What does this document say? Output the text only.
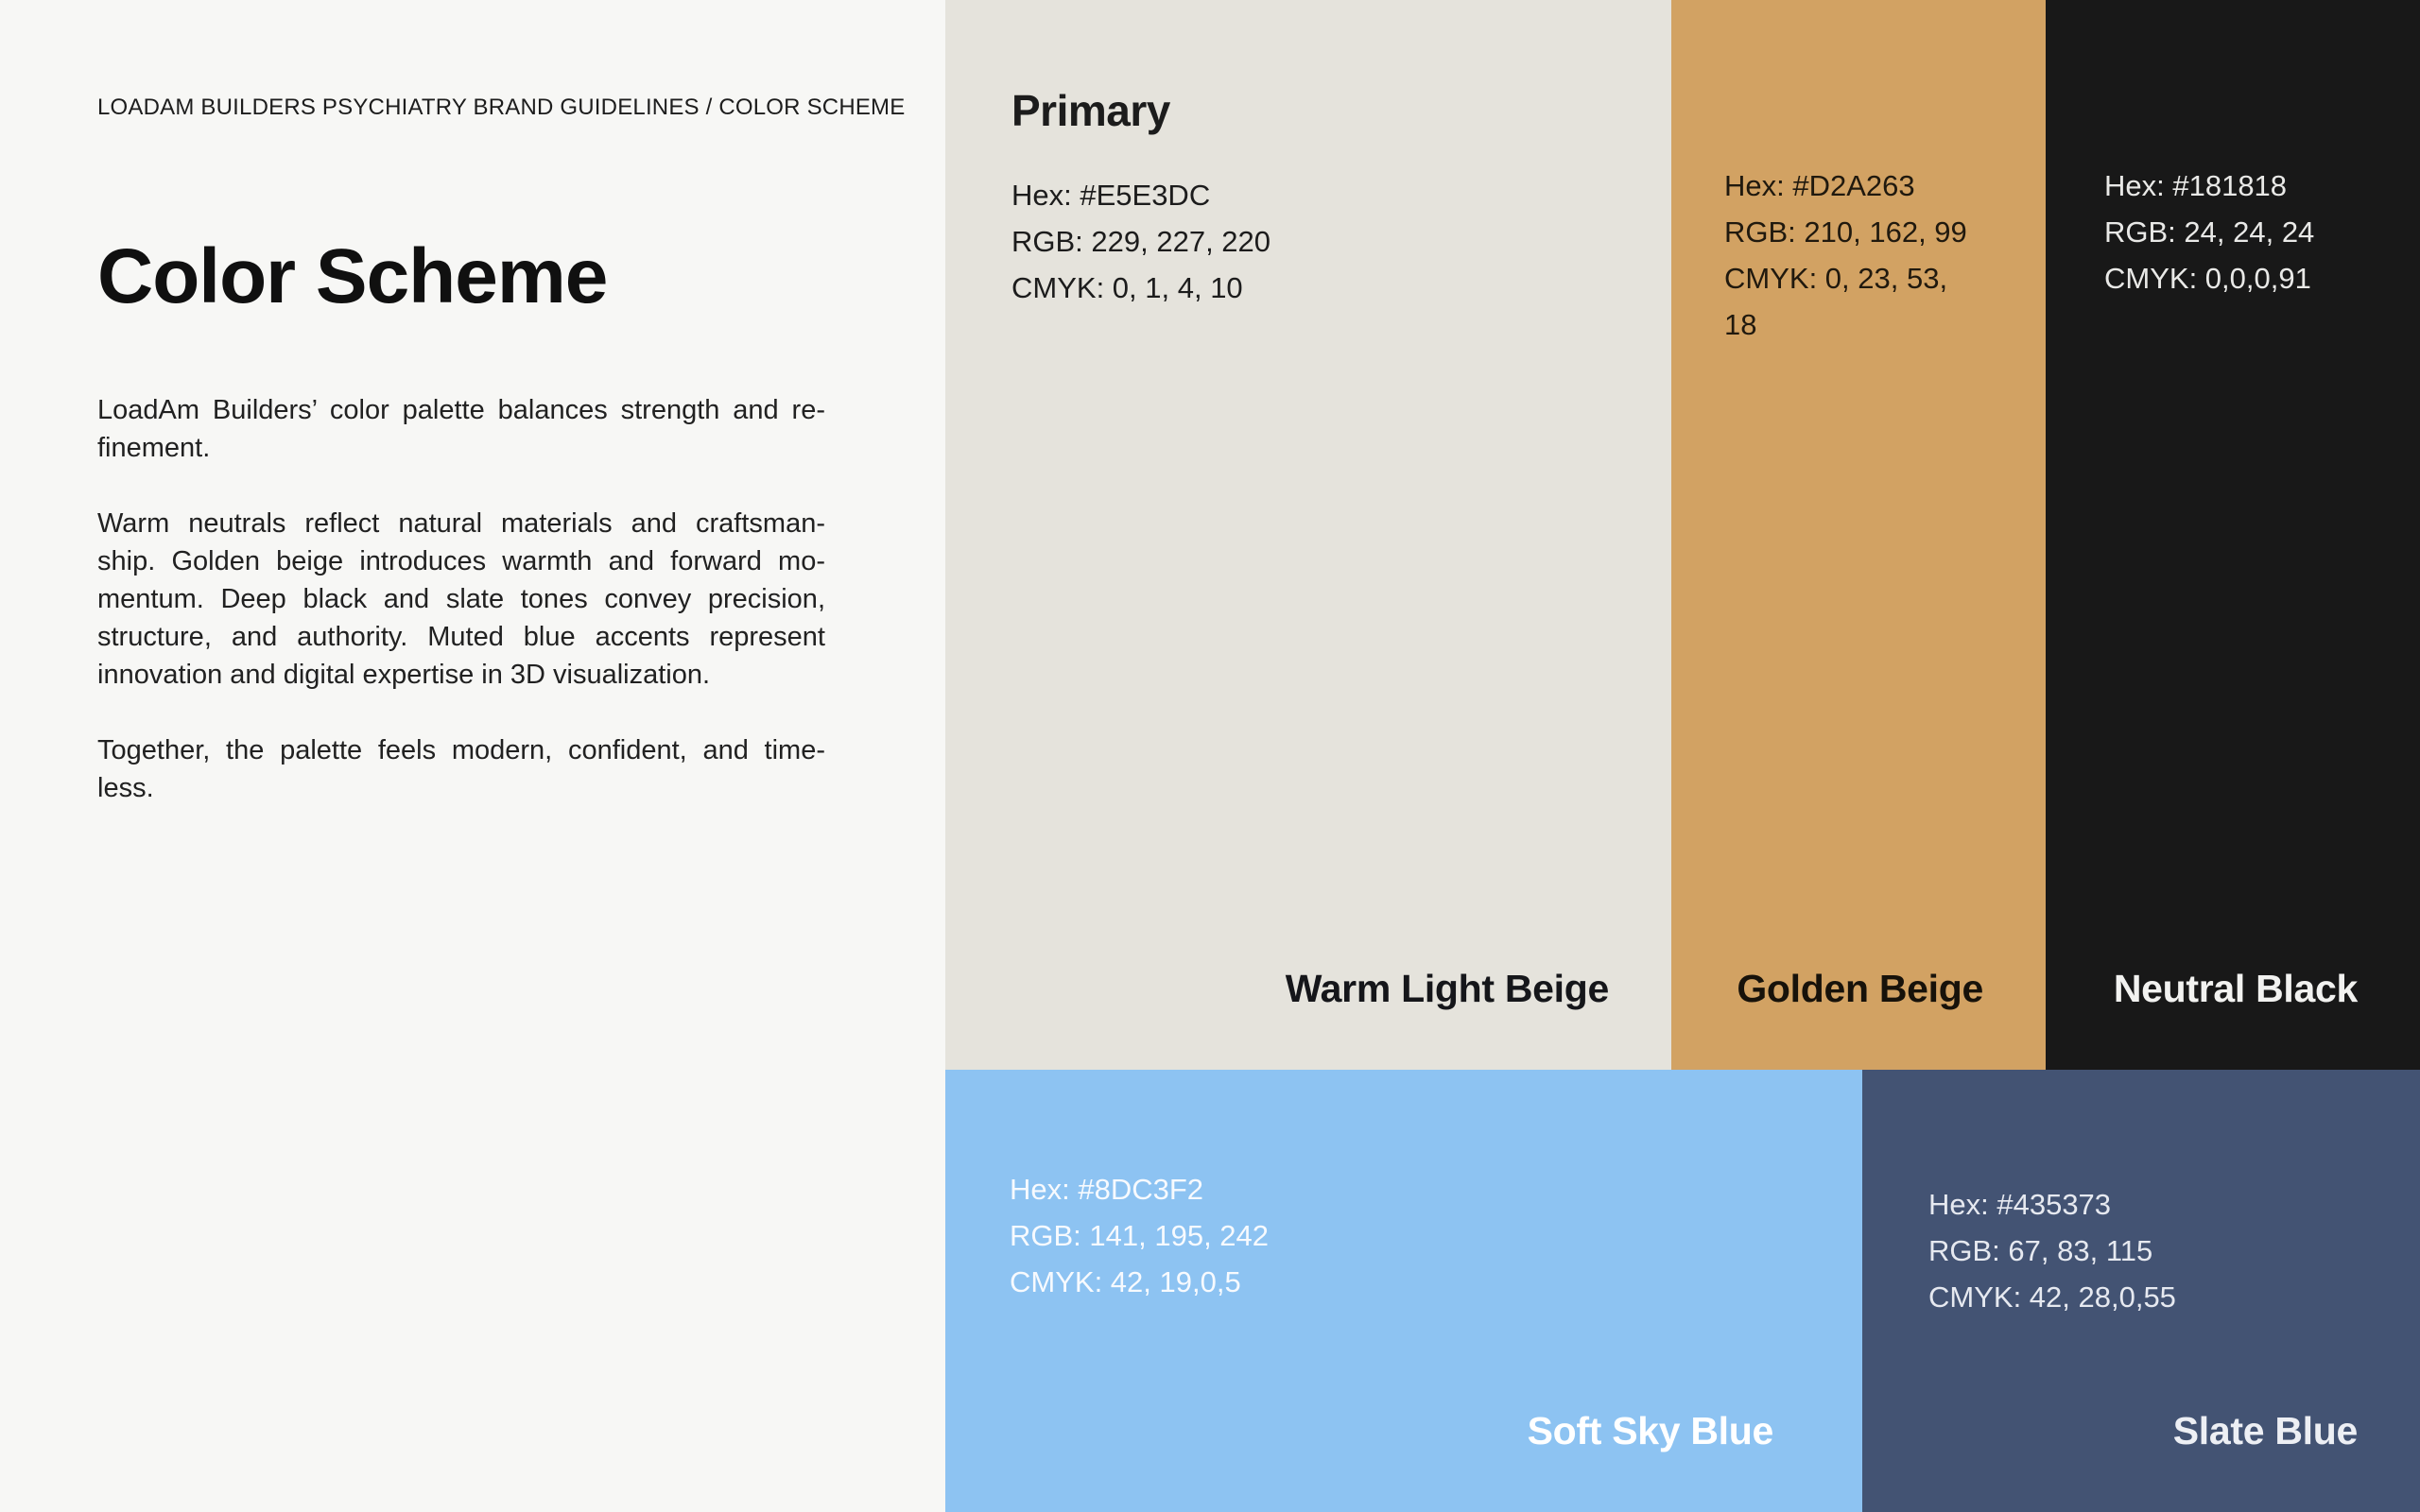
LOADAM BUILDERS PSYCHIATRY BRAND GUIDELINES / COLOR SCHEME
Color Scheme
LoadAm Builders’ color palette balances strength and re-
finement.
Warm neutrals reflect natural materials and craftsman-
ship. Golden beige introduces warmth and forward mo-
mentum. Deep black and slate tones convey precision,
structure, and authority. Muted blue accents represent
innovation and digital expertise in 3D visualization.
Together, the palette feels modern, confident, and time-
less.
Primary
Hex: #E5E3DC
RGB: 229, 227, 220
CMYK: 0, 1, 4, 10
Warm Light Beige
Hex: #D2A263
RGB: 210, 162, 99
CMYK: 0, 23, 53, 18
Golden Beige
Hex: #181818
RGB: 24, 24, 24
CMYK: 0,0,0,91
Neutral Black
Hex: #8DC3F2
RGB: 141, 195, 242
CMYK: 42, 19,0,5
Soft Sky Blue
Hex: #435373
RGB: 67, 83, 115
CMYK: 42, 28,0,55
Slate Blue
